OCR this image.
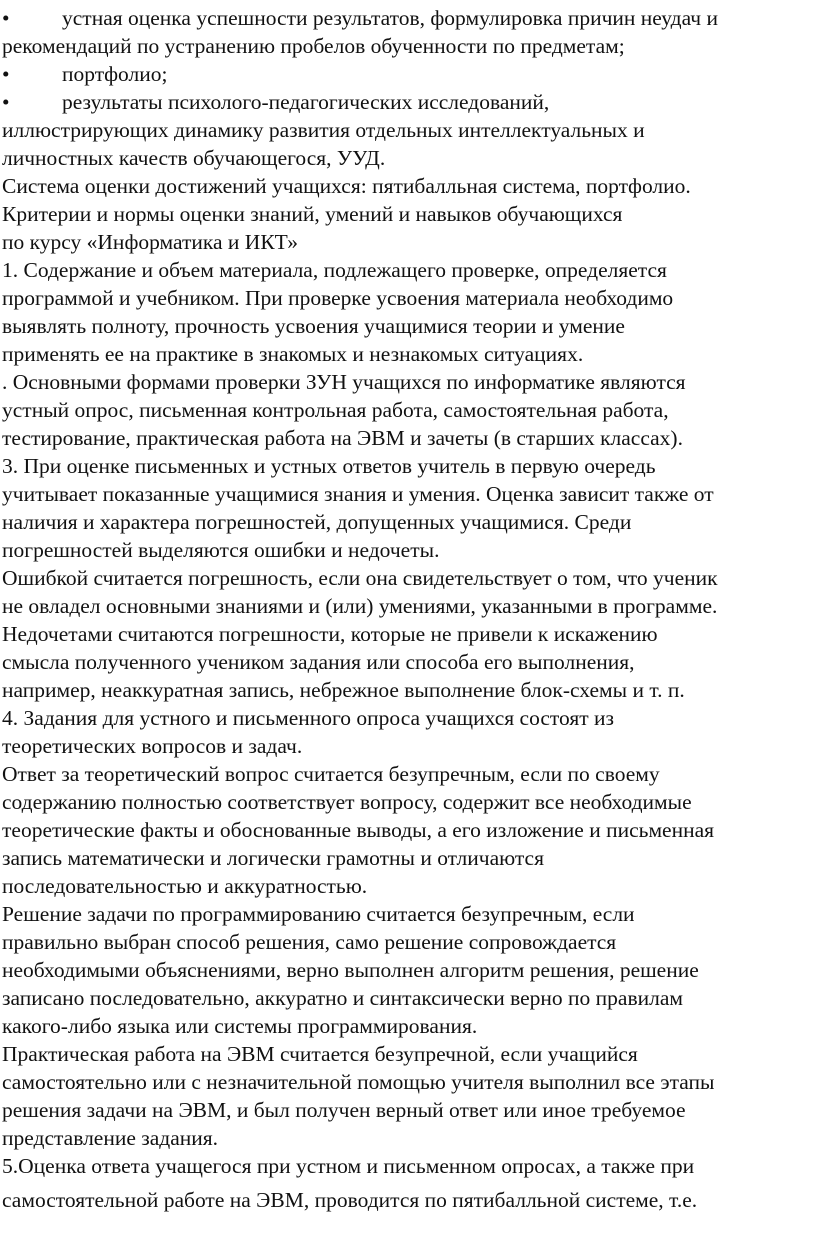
•	устная оценка успешности результатов, формулировка причин неудач и
рекомендаций по устранению пробелов обученности по предметам;
•	портфолио;
•	результаты психолого-педагогических исследований,
иллюстрирующих динамику развития отдельных интеллектуальных и
личностных качеств обучающегося, УУД.
Система оценки достижений учащихся: пятибалльная система, портфолио.
Критерии и нормы оценки знаний, умений и навыков обучающихся
по курсу «Информатика и ИКТ»
1. Содержание и объем материала, подлежащего проверке, определяется
программой и учебником. При проверке усвоения материала необходимо
выявлять полноту, прочность усвоения учащимися теории и умение
применять ее на практике в знакомых и незнакомых ситуациях.
. Основными формами проверки ЗУН учащихся по информатике являются
устный опрос, письменная контрольная работа, самостоятельная работа,
тестирование, практическая работа на ЭВМ и зачеты (в старших классах).
3. При оценке письменных и устных ответов учитель в первую очередь
учитывает показанные учащимися знания и умения. Оценка зависит также от
наличия и характера погрешностей, допущенных учащимися. Среди
погрешностей выделяются ошибки и недочеты.
Ошибкой считается погрешность, если она свидетельствует о том, что ученик
не овладел основными знаниями и (или) умениями, указанными в программе.
Недочетами считаются погрешности, которые не привели к искажению
смысла полученного учеником задания или способа его выполнения,
например, неаккуратная запись, небрежное выполнение блок-схемы и т. п.
4. Задания для устного и письменного опроса учащихся состоят из
теоретических вопросов и задач.
Ответ за теоретический вопрос считается безупречным, если по своему
содержанию полностью соответствует вопросу, содержит все необходимые
теоретические факты и обоснованные выводы, а его изложение и письменная
запись математически и логически грамотны и отличаются
последовательностью и аккуратностью.
Решение задачи по программированию считается безупречным, если
правильно выбран способ решения, само решение сопровождается
необходимыми объяснениями, верно выполнен алгоритм решения, решение
записано последовательно, аккуратно и синтаксически верно по правилам
какого-либо языка или системы программирования.
Практическая работа на ЭВМ считается безупречной, если учащийся
самостоятельно или с незначительной помощью учителя выполнил все этапы
решения задачи на ЭВМ, и был получен верный ответ или иное требуемое
представление задания.
5.Оценка ответа учащегося при устном и письменном опросах, а также при
самостоятельной работе на ЭВМ, проводится по пятибалльной системе, т.е.
